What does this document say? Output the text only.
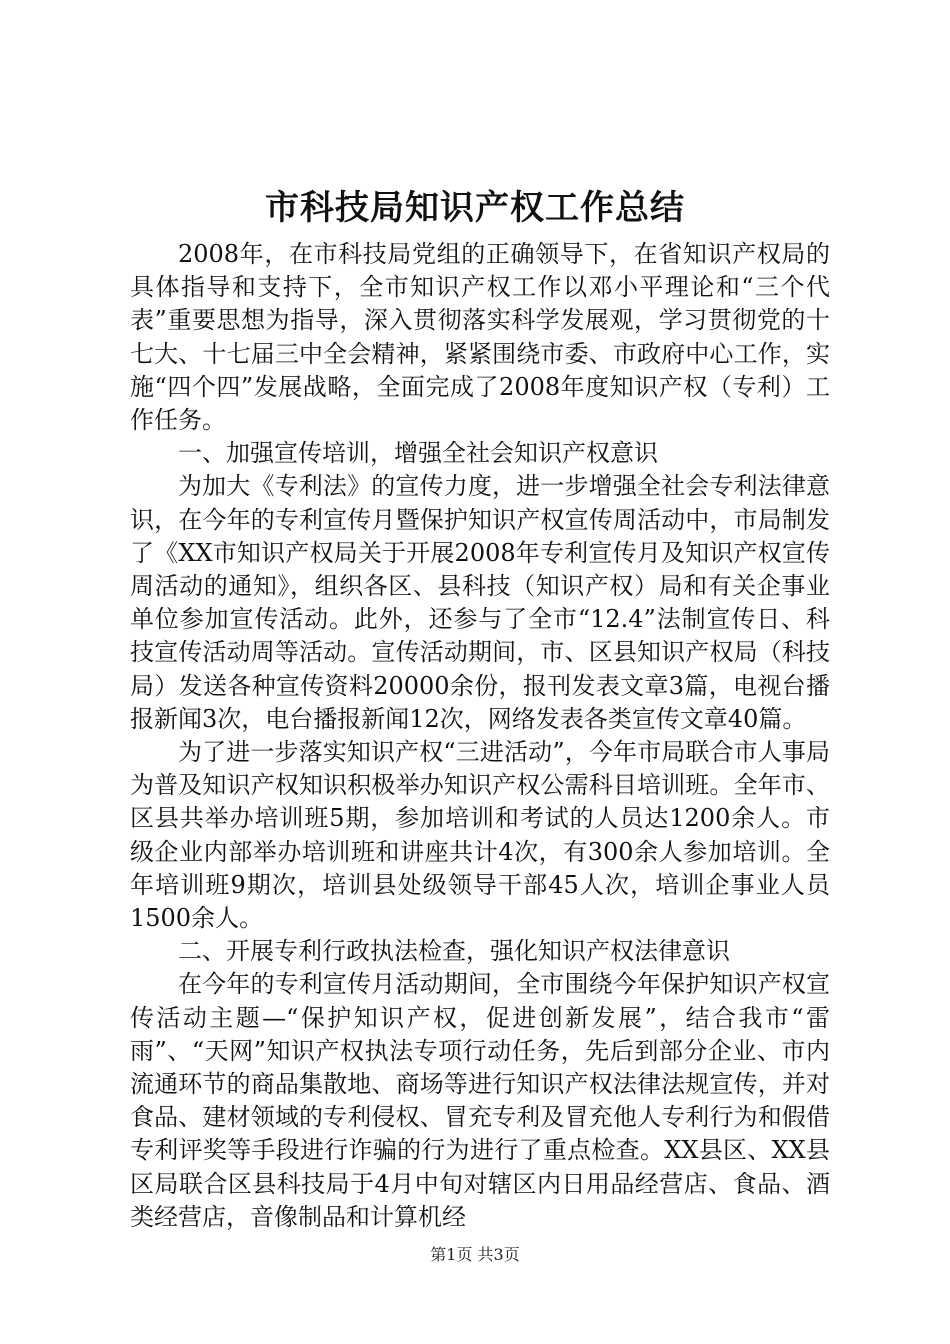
市科技局知识产权工作总结

2008年，在市科技局党组的正确领导下，在省知识产权局的具体指导和支持下，全市知识产权工作以邓小平理论和“三个代表”重要思想为指导，深入贯彻落实科学发展观，学习贯彻党的十七大、十七届三中全会精神，紧紧围绕市委、市政府中心工作，实施“四个四”发展战略，全面完成了2008年度知识产权（专利）工作任务。

一、加强宣传培训，增强全社会知识产权意识

为加大《专利法》的宣传力度，进一步增强全社会专利法律意识，在今年的专利宣传月暨保护知识产权宣传周活动中，市局制发了《XX市知识产权局关于开展2008年专利宣传月及知识产权宣传周活动的通知》，组织各区、县科技（知识产权）局和有关企事业单位参加宣传活动。此外，还参与了全市“12.4”法制宣传日、科技宣传活动周等活动。宣传活动期间，市、区县知识产权局（科技局）发送各种宣传资料20000余份，报刊发表文章3篇，电视台播报新闻3次，电台播报新闻12次，网络发表各类宣传文章40篇。

为了进一步落实知识产权“三进活动”，今年市局联合市人事局为普及知识产权知识积极举办知识产权公需科目培训班。全年市、区县共举办培训班5期，参加培训和考试的人员达1200余人。市级企业内部举办培训班和讲座共计4次，有300余人参加培训。全年培训班9期次，培训县处级领导干部45人次，培训企事业人员1500余人。

二、开展专利行政执法检查，强化知识产权法律意识

在今年的专利宣传月活动期间，全市围绕今年保护知识产权宣传活动主题—“保护知识产权，促进创新发展”，结合我市“雷雨”、“天网”知识产权执法专项行动任务，先后到部分企业、市内流通环节的商品集散地、商场等进行知识产权法律法规宣传，并对食品、建材领域的专利侵权、冒充专利及冒充他人专利行为和假借专利评奖等手段进行诈骗的行为进行了重点检查。XX县区、XX县区局联合区县科技局于4月中旬对辖区内日用品经营店、食品、酒类经营店，音像制品和计算机经

第1页 共3页
